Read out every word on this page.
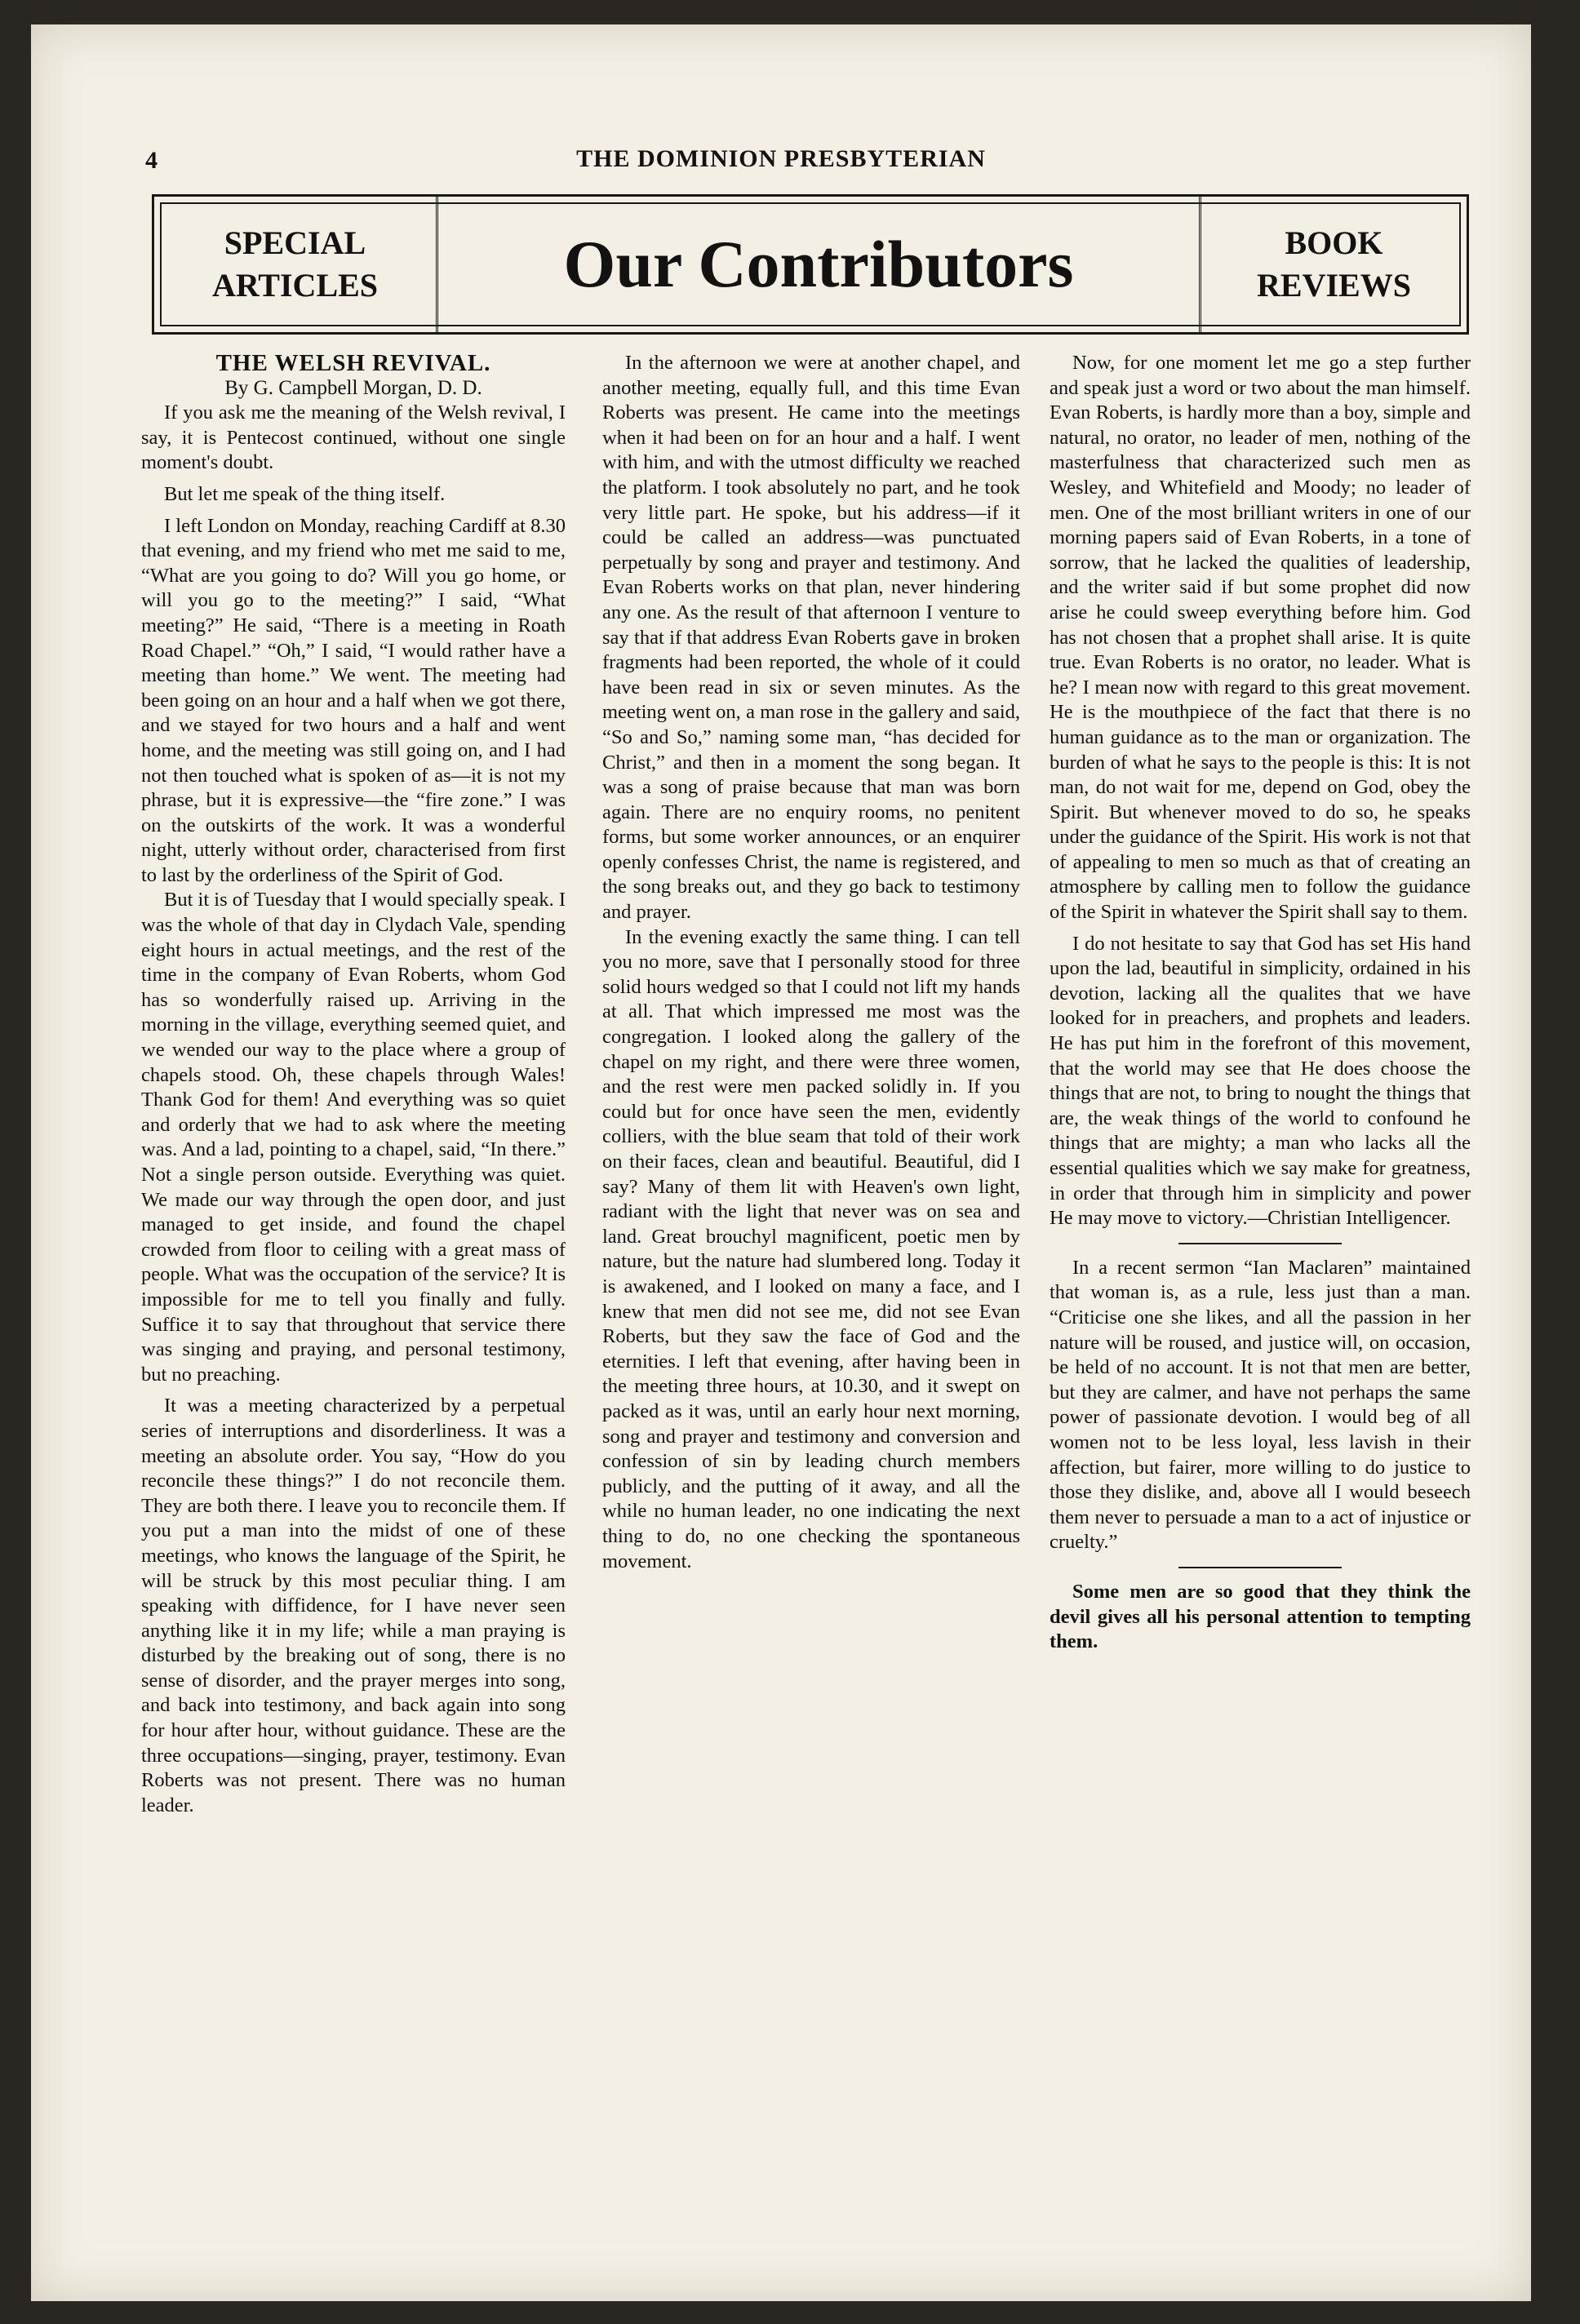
4	THE DOMINION PRESBYTERIAN

SPECIAL
ARTICLES	Our Contributors	BOOK
REVIEWS

THE WELSH REVIVAL.

By G. Campbell Morgan, D. D.

If you ask me the meaning of the Welsh revival, I say, it is Pentecost continued, without one single moment's doubt.

But let me speak of the thing itself.

I left London on Monday, reaching Cardiff at 8.30 that evening, and my friend who met me said to me, “What are you going to do? Will you go home, or will you go to the meeting?” I said, “What meeting?” He said, “There is a meeting in Roath Road Chapel.” “Oh,” I said, “I would rather have a meeting than home.” We went. The meeting had been going on an hour and a half when we got there, and we stayed for two hours and a half and went home, and the meeting was still going on, and I had not then touched what is spoken of as—it is not my phrase, but it is expressive—the “fire zone.” I was on the outskirts of the work. It was a wonderful night, utterly without order, characterised from first to last by the orderliness of the Spirit of God.

But it is of Tuesday that I would specially speak. I was the whole of that day in Clydach Vale, spending eight hours in actual meetings, and the rest of the time in the company of Evan Roberts, whom God has so wonderfully raised up. Arriving in the morning in the village, everything seemed quiet, and we wended our way to the place where a group of chapels stood. Oh, these chapels through Wales! Thank God for them! And everything was so quiet and orderly that we had to ask where the meeting was. And a lad, pointing to a chapel, said, “In there.” Not a single person outside. Everything was quiet. We made our way through the open door, and just managed to get inside, and found the chapel crowded from floor to ceiling with a great mass of people. What was the occupation of the service? It is impossible for me to tell you finally and fully. Suffice it to say that throughout that service there was singing and praying, and personal testimony, but no preaching.

It was a meeting characterized by a perpetual series of interruptions and disorderliness. It was a meeting an absolute order. You say, “How do you reconcile these things?” I do not reconcile them. They are both there. I leave you to reconcile them. If you put a man into the midst of one of these meetings, who knows the language of the Spirit, he will be struck by this most peculiar thing. I am speaking with diffidence, for I have never seen anything like it in my life; while a man praying is disturbed by the breaking out of song, there is no sense of disorder, and the prayer merges into song, and back into testimony, and back again into song for hour after hour, without guidance. These are the three occupations—singing, prayer, testimony. Evan Roberts was not present. There was no human leader.

In the afternoon we were at another chapel, and another meeting, equally full, and this time Evan Roberts was present. He came into the meetings when it had been on for an hour and a half. I went with him, and with the utmost difficulty we reached the platform. I took absolutely no part, and he took very little part. He spoke, but his address—if it could be called an address—was punctuated perpetually by song and prayer and testimony. And Evan Roberts works on that plan, never hindering any one. As the result of that afternoon I venture to say that if that address Evan Roberts gave in broken fragments had been reported, the whole of it could have been read in six or seven minutes. As the meeting went on, a man rose in the gallery and said, “So and So,” naming some man, “has decided for Christ,” and then in a moment the song began. It was a song of praise because that man was born again. There are no enquiry rooms, no penitent forms, but some worker announces, or an enquirer openly confesses Christ, the name is registered, and the song breaks out, and they go back to testimony and prayer.

In the evening exactly the same thing. I can tell you no more, save that I personally stood for three solid hours wedged so that I could not lift my hands at all. That which impressed me most was the congregation. I looked along the gallery of the chapel on my right, and there were three women, and the rest were men packed solidly in. If you could but for once have seen the men, evidently colliers, with the blue seam that told of their work on their faces, clean and beautiful. Beautiful, did I say? Many of them lit with Heaven's own light, radiant with the light that never was on sea and land. Great brouchyl magnificent, poetic men by nature, but the nature had slumbered long. Today it is awakened, and I looked on many a face, and I knew that men did not see me, did not see Evan Roberts, but they saw the face of God and the eternities. I left that evening, after having been in the meeting three hours, at 10.30, and it swept on packed as it was, until an early hour next morning, song and prayer and testimony and conversion and confession of sin by leading church members publicly, and the putting of it away, and all the while no human leader, no one indicating the next thing to do, no one checking the spontaneous movement.

Now, for one moment let me go a step further and speak just a word or two about the man himself. Evan Roberts, is hardly more than a boy, simple and natural, no orator, no leader of men, nothing of the masterfulness that characterized such men as Wesley, and Whitefield and Moody; no leader of men. One of the most brilliant writers in one of our morning papers said of Evan Roberts, in a tone of sorrow, that he lacked the qualities of leadership, and the writer said if but some prophet did now arise he could sweep everything before him. God has not chosen that a prophet shall arise. It is quite true. Evan Roberts is no orator, no leader. What is he? I mean now with regard to this great movement. He is the mouthpiece of the fact that there is no human guidance as to the man or organization. The burden of what he says to the people is this: It is not man, do not wait for me, depend on God, obey the Spirit. But whenever moved to do so, he speaks under the guidance of the Spirit. His work is not that of appealing to men so much as that of creating an atmosphere by calling men to follow the guidance of the Spirit in whatever the Spirit shall say to them.

I do not hesitate to say that God has set His hand upon the lad, beautiful in simplicity, ordained in his devotion, lacking all the qualites that we have looked for in preachers, and prophets and leaders. He has put him in the forefront of this movement, that the world may see that He does choose the things that are not, to bring to nought the things that are, the weak things of the world to confound he things that are mighty; a man who lacks all the essential qualities which we say make for greatness, in order that through him in simplicity and power He may move to victory.—Christian Intelligencer.

In a recent sermon “Ian Maclaren” maintained that woman is, as a rule, less just than a man. “Criticise one she likes, and all the passion in her nature will be roused, and justice will, on occasion, be held of no account. It is not that men are better, but they are calmer, and have not perhaps the same power of passionate devotion. I would beg of all women not to be less loyal, less lavish in their affection, but fairer, more willing to do justice to those they dislike, and, above all I would beseech them never to persuade a man to a act of injustice or cruelty.”

Some men are so good that they think the devil gives all his personal attention to tempting them.
